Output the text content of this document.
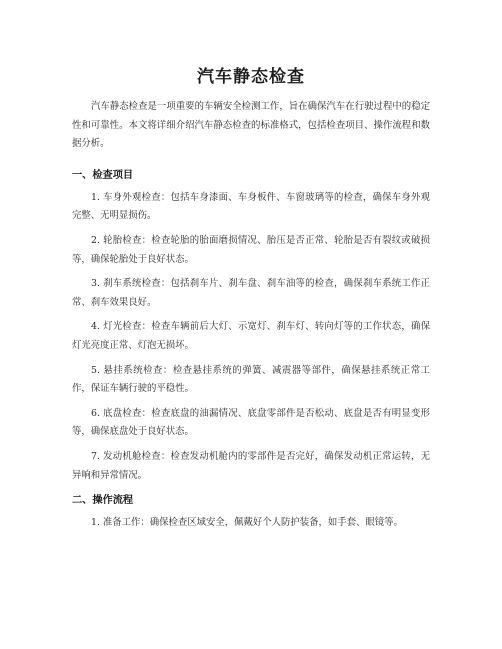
汽车静态检查

汽车静态检查是一项重要的车辆安全检测工作，旨在确保汽车在行驶过程中的稳定性和可靠性。本文将详细介绍汽车静态检查的标准格式，包括检查项目、操作流程和数据分析。

一、检查项目

1. 车身外观检查：包括车身漆面、车身板件、车窗玻璃等的检查，确保车身外观完整、无明显损伤。

2. 轮胎检查：检查轮胎的胎面磨损情况、胎压是否正常、轮胎是否有裂纹或破损等，确保轮胎处于良好状态。

3. 刹车系统检查：包括刹车片、刹车盘、刹车油等的检查，确保刹车系统工作正常、刹车效果良好。

4. 灯光检查：检查车辆前后大灯、示宽灯、刹车灯、转向灯等的工作状态，确保灯光亮度正常、灯泡无损坏。

5. 悬挂系统检查：检查悬挂系统的弹簧、减震器等部件，确保悬挂系统正常工作，保证车辆行驶的平稳性。

6. 底盘检查：检查底盘的油漏情况、底盘零部件是否松动、底盘是否有明显变形等，确保底盘处于良好状态。

7. 发动机舱检查：检查发动机舱内的零部件是否完好，确保发动机正常运转，无异响和异常情况。

二、操作流程

1. 准备工作：确保检查区域安全，佩戴好个人防护装备，如手套、眼镜等。
